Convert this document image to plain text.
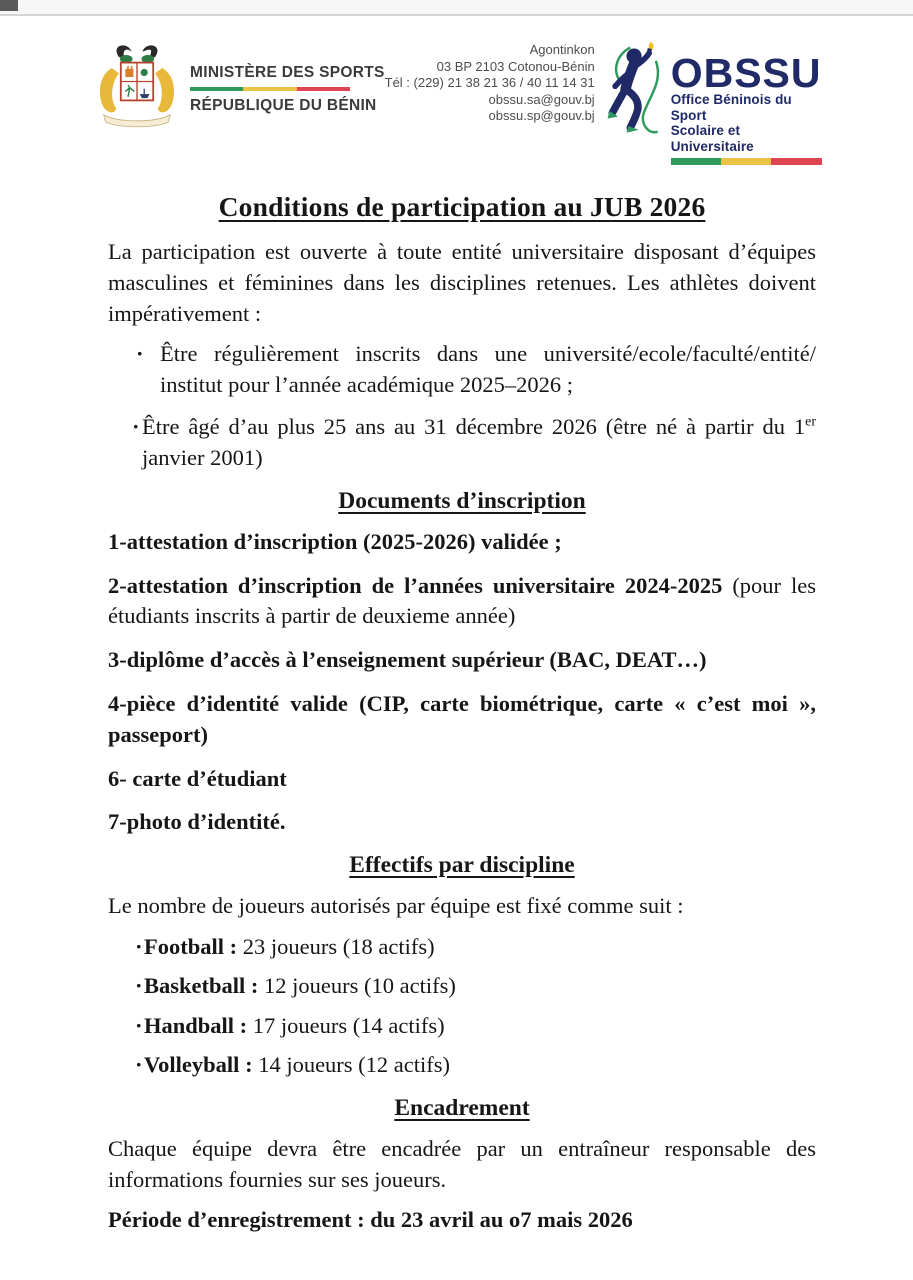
MINISTÈRE DES SPORTS
RÉPUBLIQUE DU BÉNIN
Agontinkon
03 BP 2103 Cotonou-Bénin
Tél : (229) 21 38 21 36 / 40 11 14 31
obssu.sa@gouv.bj
obssu.sp@gouv.bj
OBSSU
Office Béninois du Sport
Scolaire et Universitaire
Conditions de participation au JUB 2026

La participation est ouverte à toute entité universitaire disposant d’équipes masculines et féminines dans les disciplines retenues. Les athlètes doivent impérativement :

· Être régulièrement inscrits dans une université/ecole/faculté/entité/ institut pour l’année académique 2025–2026 ;
· Être âgé d’au plus 25 ans au 31 décembre 2026 (être né à partir du 1er janvier 2001)
Documents d’inscription

1-attestation d’inscription (2025-2026) validée ;

2-attestation d’inscription de l’années universitaire 2024-2025 (pour les étudiants inscrits à partir de deuxieme année)

3-diplôme d’accès à l’enseignement supérieur (BAC, DEAT…)

4-pièce d’identité valide (CIP, carte biométrique, carte « c’est moi », passeport)

6- carte d’étudiant

7-photo d’identité.

Effectifs par discipline

Le nombre de joueurs autorisés par équipe est fixé comme suit :

· Football : 23 joueurs (18 actifs)
· Basketball : 12 joueurs (10 actifs)
· Handball : 17 joueurs (14 actifs)
· Volleyball : 14 joueurs (12 actifs)
Encadrement

Chaque équipe devra être encadrée par un entraîneur responsable des informations fournies sur ses joueurs.

Période d’enregistrement : du 23 avril au o7 mais 2026
